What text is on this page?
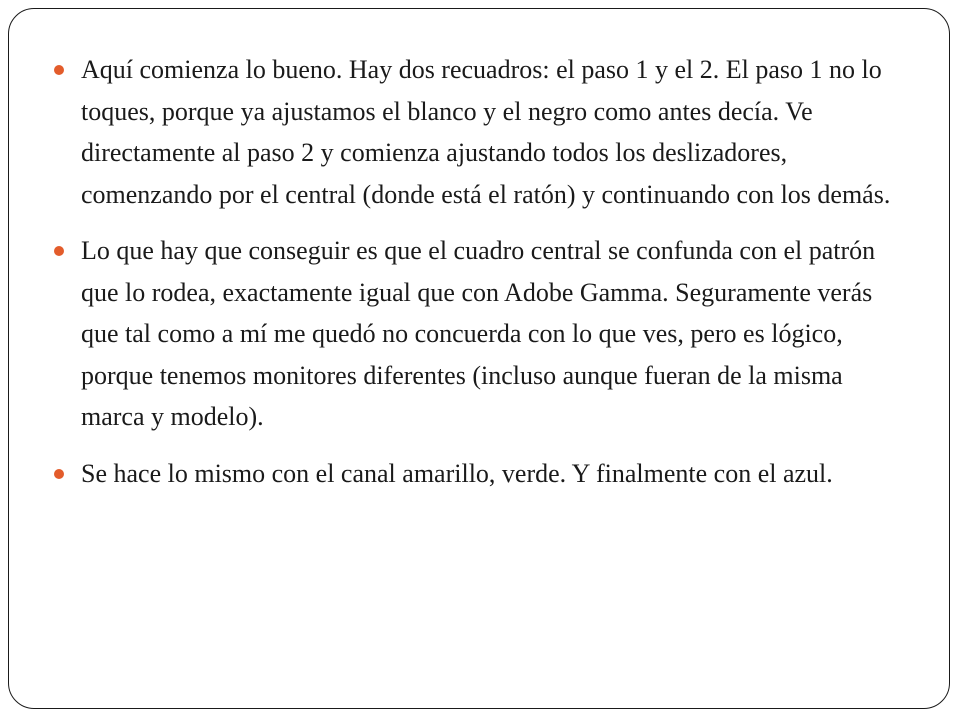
Aquí comienza lo bueno. Hay dos recuadros: el paso 1 y el 2. El paso 1 no lo toques, porque ya ajustamos el blanco y el negro como antes decía. Ve directamente al paso 2 y comienza ajustando todos los deslizadores, comenzando por el central (donde está el ratón) y continuando con los demás.
Lo que hay que conseguir es que el cuadro central se confunda con el patrón que lo rodea, exactamente igual que con Adobe Gamma. Seguramente verás que tal como a mí me quedó no concuerda con lo que ves, pero es lógico, porque tenemos monitores diferentes (incluso aunque fueran de la misma marca y modelo).
Se hace lo mismo con el canal amarillo, verde. Y finalmente con el azul.
